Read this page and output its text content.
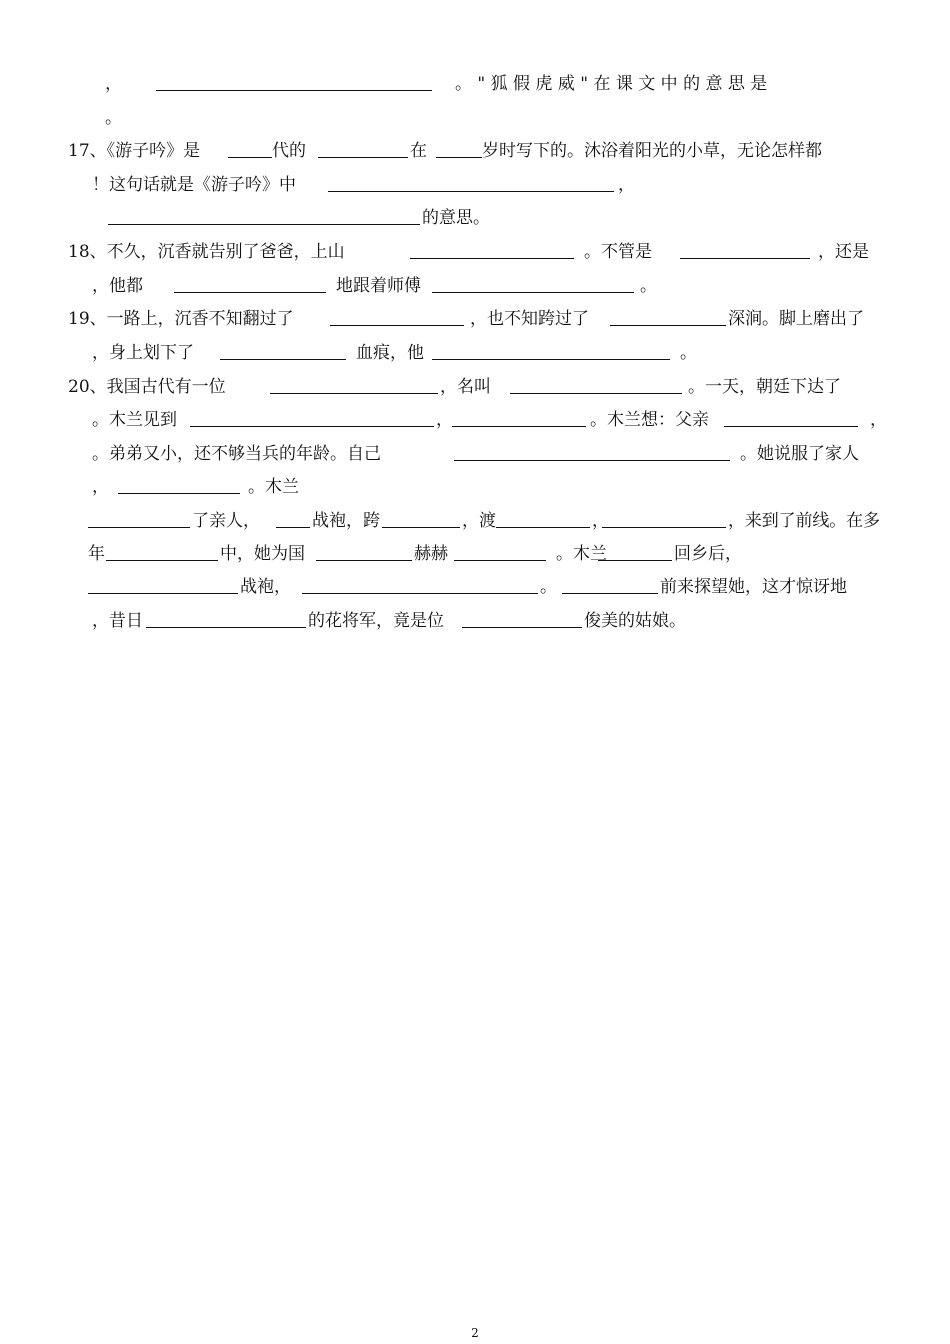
，	。 " 狐 假 虎 威 " 在 课 文 中 的 意 思 是
。
17、《游子吟》是	代的	在	岁时写下的。沐浴着阳光的小草，无论怎样都
！这句话就是《游子吟》中	，
的意思。
18、不久，沉香就告别了爸爸，上山	。不管是	，还是
，他都	地跟着师傅	。
19、一路上，沉香不知翻过了	，也不知跨过了	深涧。脚上磨出了
，身上划下了	血痕，他	。
20、我国古代有一位	，名叫	。一天，朝廷下达了
。木兰见到	，	。木兰想：父亲	，
。弟弟又小，还不够当兵的年龄。自己	。她说服了家人
，	。木兰
了亲人，	战袍，跨	，渡	，	，来到了前线。在多
年	中，她为国	赫赫	。木兰	回乡后，
战袍，	。	前来探望她，这才惊讶地
，昔日	的花将军，竟是位	俊美的姑娘。
2
